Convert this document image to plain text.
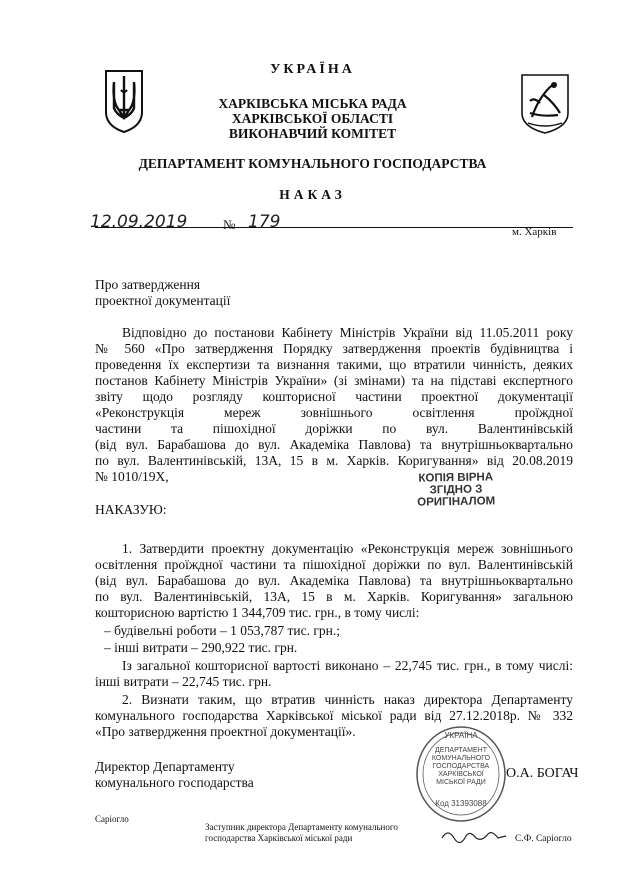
УКРАЇНА
ХАРКІВСЬКА МІСЬКА РАДА
ХАРКІВСЬКОЇ ОБЛАСТІ
ВИКОНАВЧИЙ КОМІТЕТ
ДЕПАРТАМЕНТ КОМУНАЛЬНОГО ГОСПОДАРСТВА
НАКАЗ
12.09.2019	№ 179	м. Харків
Про затвердження
проектної документації
Відповідно до постанови Кабінету Міністрів України від 11.05.2011 року
№ 560 «Про затвердження Порядку затвердження проектів будівництва і
проведення їх експертизи та визнання такими, що втратили чинність, деяких
постанов Кабінету Міністрів України» (зі змінами) та на підставі експертного
звіту щодо розгляду кошторисної частини проектної документації
«Реконструкція мереж зовнішнього освітлення проїждної
частини та пішохідної доріжки по вул. Валентинівській
(від вул. Барабашова до вул. Академіка Павлова) та внутрішньоквартально
по вул. Валентинівській, 13А, 15 в м. Харків. Коригування» від 20.08.2019
№ 1010/19Х,	КОПІЯ ВІРНА
ЗГІДНО З
ОРИГІНАЛОМ
НАКАЗУЮ:
1. Затвердити проектну документацію «Реконструкція мереж зовнішнього
освітлення проїждної частини та пішохідної доріжки по вул. Валентинівській
(від вул. Барабашова до вул. Академіка Павлова) та внутрішньоквартально
по вул. Валентинівській, 13А, 15 в м. Харків. Коригування» загальною
кошторисною вартістю 1 344,709 тис. грн., в тому числі:
– будівельні роботи – 1 053,787 тис. грн.;
– інші витрати – 290,922 тис. грн.
Із загальної кошторисної вартості виконано – 22,745 тис. грн., в тому числі:
інші витрати – 22,745 тис. грн.
2. Визнати таким, що втратив чинність наказ директора Департаменту
комунального господарства Харківської міської ради від 27.12.2018р. № 332
«Про затвердження проектної документації».
Директор Департаменту
комунального господарства
УКРАЇНА
ДЕПАРТАМЕНТ
КОМУНАЛЬНОГО
ГОСПОДАРСТВА
ХАРКІВСЬКОЇ
МІСЬКОЇ РАДИ
Код 31393088
О.А. БОГАЧ
Саріогло
Заступник директора Департаменту комунального
господарства Харківської міської ради	С.Ф. Саріогло
